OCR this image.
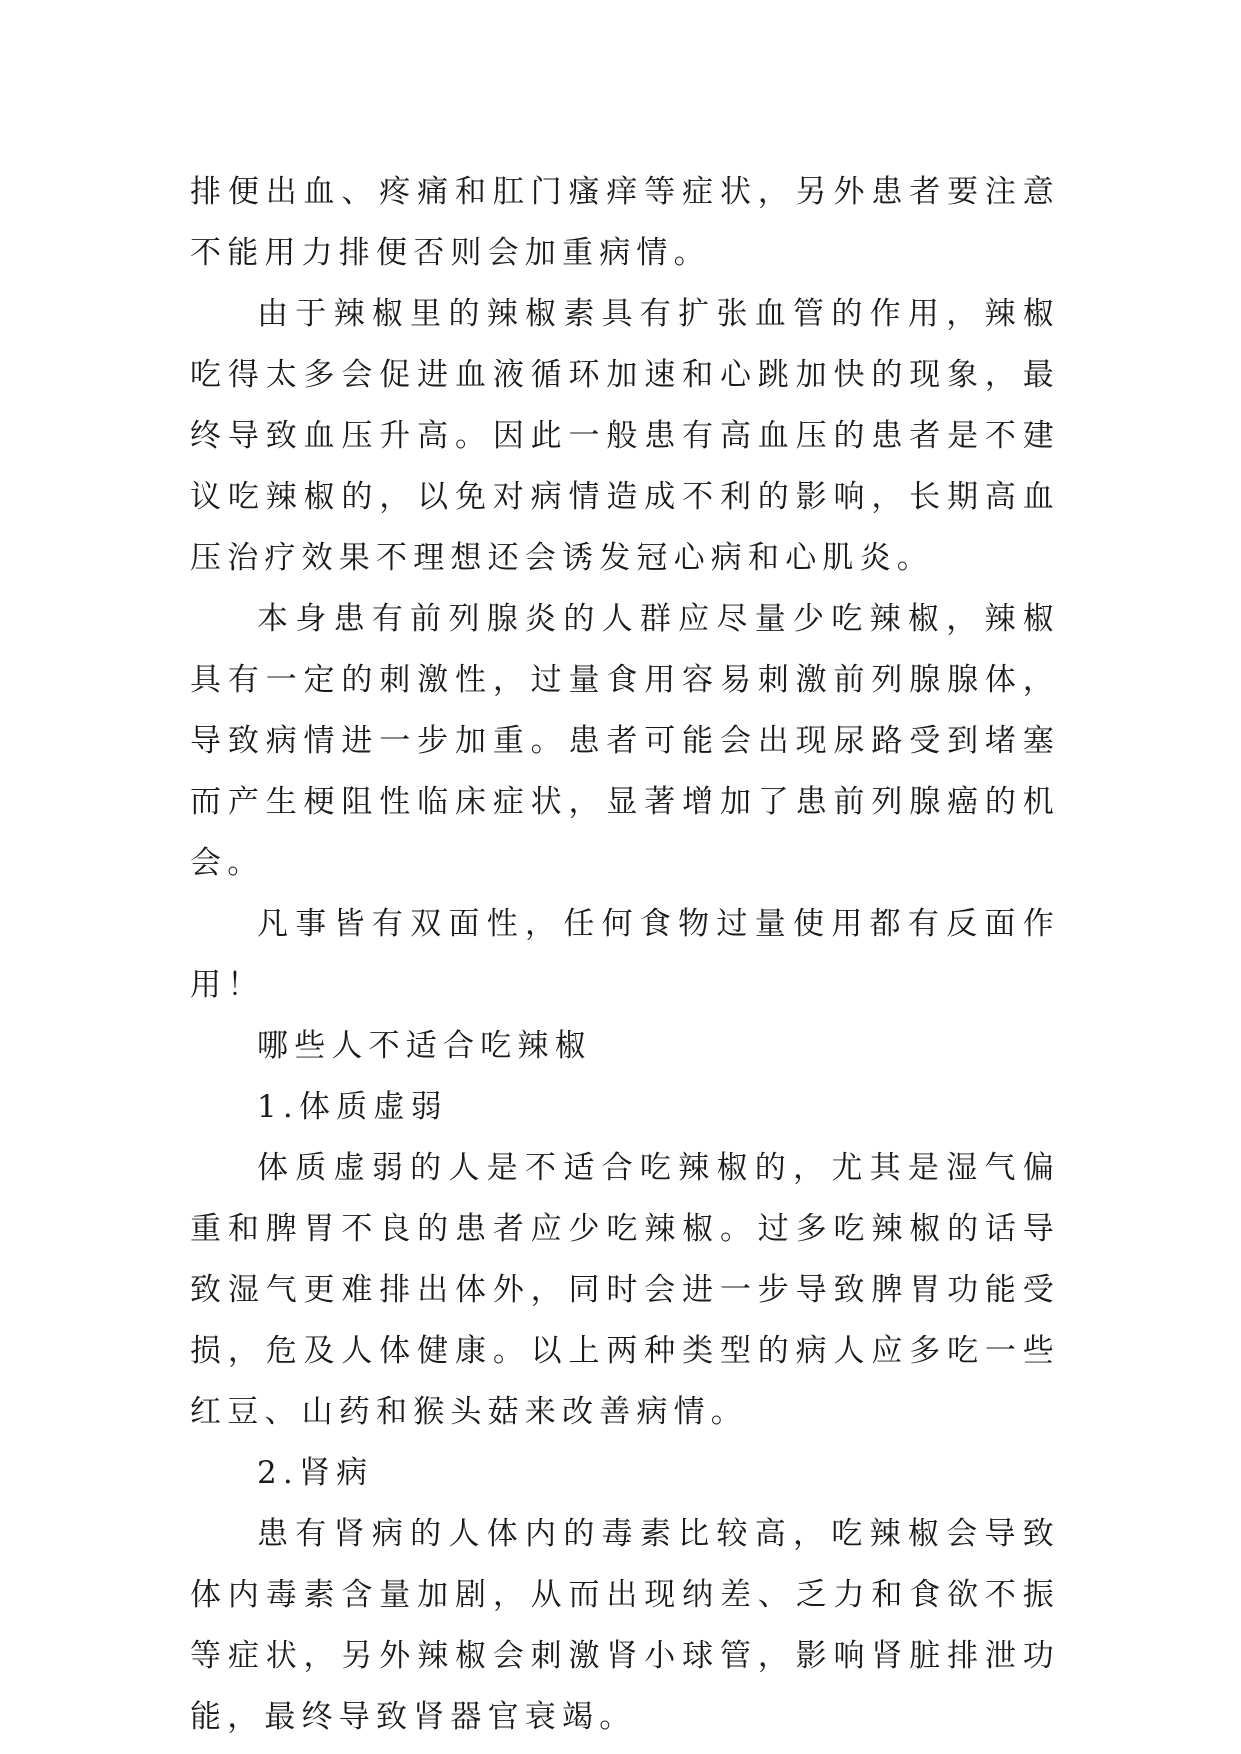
排便出血、疼痛和肛门瘙痒等症状，另外患者要注意不能用力排便否则会加重病情。

由于辣椒里的辣椒素具有扩张血管的作用，辣椒吃得太多会促进血液循环加速和心跳加快的现象，最终导致血压升高。因此一般患有高血压的患者是不建议吃辣椒的，以免对病情造成不利的影响，长期高血压治疗效果不理想还会诱发冠心病和心肌炎。

本身患有前列腺炎的人群应尽量少吃辣椒，辣椒具有一定的刺激性，过量食用容易刺激前列腺腺体，导致病情进一步加重。患者可能会出现尿路受到堵塞而产生梗阻性临床症状，显著增加了患前列腺癌的机会。

凡事皆有双面性，任何食物过量使用都有反面作用！

哪些人不适合吃辣椒

1.体质虚弱

体质虚弱的人是不适合吃辣椒的，尤其是湿气偏重和脾胃不良的患者应少吃辣椒。过多吃辣椒的话导致湿气更难排出体外，同时会进一步导致脾胃功能受损，危及人体健康。以上两种类型的病人应多吃一些红豆、山药和猴头菇来改善病情。

2.肾病

患有肾病的人体内的毒素比较高，吃辣椒会导致体内毒素含量加剧，从而出现纳差、乏力和食欲不振等症状，另外辣椒会刺激肾小球管，影响肾脏排泄功能，最终导致肾器官衰竭。
